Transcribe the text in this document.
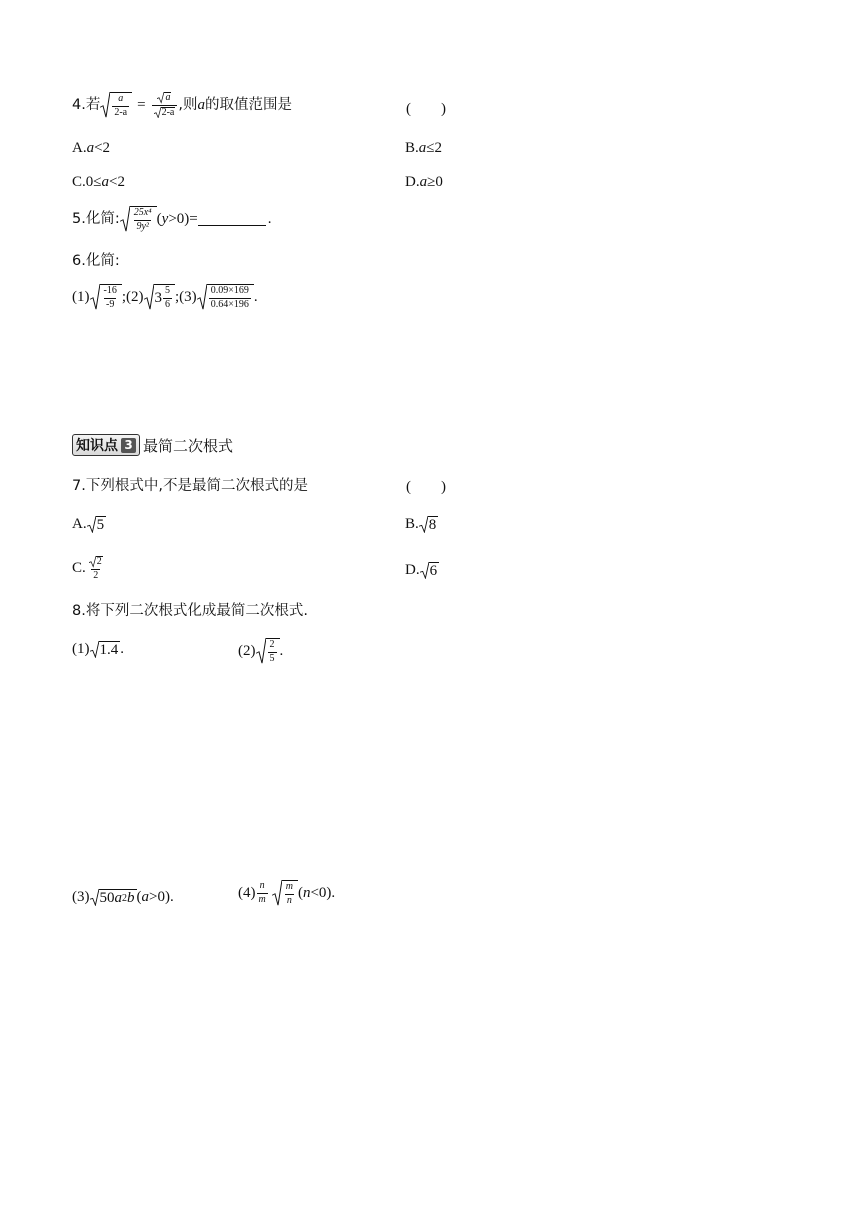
4.若 $\frac{a}{2-a} = \frac{a}{2-a}$ ,则 a 的取值范围是	(　　)
A. a <2	B. a ≤2
C.0≤ a <2	D. a ≥0
5.化简: $\frac{\text{25x⁴}}{\text{9y²}}$ ( y >0)=	.
6.化简:
$(1) \frac{-16}{-9}$ ;(2) $3 \frac{5}{6}$ ;(3) $\frac{0.09\times 169}{0.64\times 196}$ .
知识点 3 最简二次根式
7.下列根式中,不是最简二次根式的是	(　　)
A. 5	B. 8
C. $\frac{2}{2}$	D. 6
8.将下列二次根式化成最简二次根式.
(1) 1.4 .	$(2) \frac{2}{5}$ .
(3) 50 a 2 b ( a >0).	$(4) \frac{n}{m} \frac{m}{n}$ ( n <0).
